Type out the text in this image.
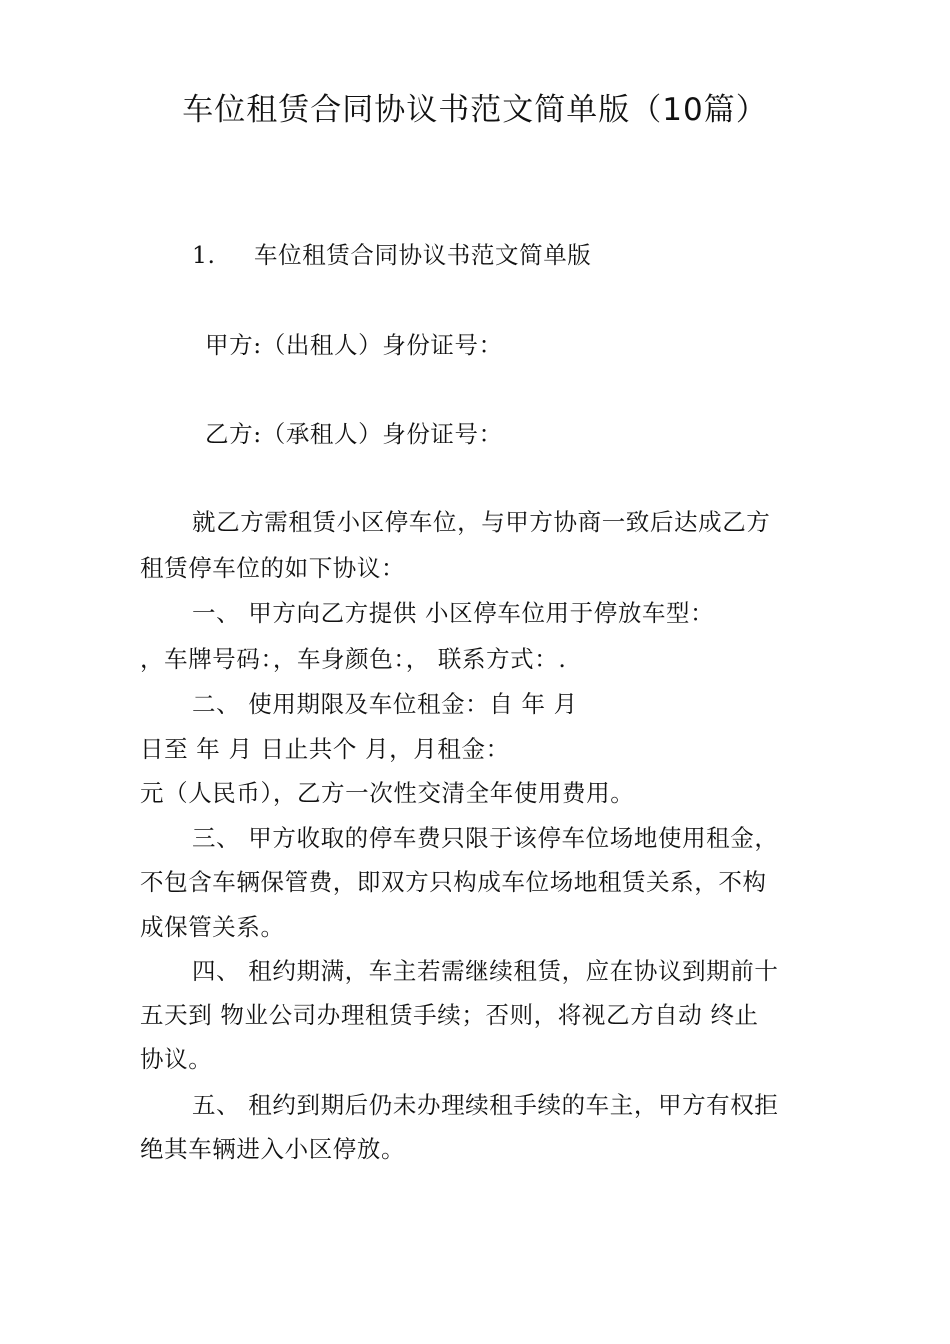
车位租赁合同协议书范文简单版（10篇）
1. 车位租赁合同协议书范文简单版
甲方:（出租人）身份证号：
乙方:（承租人）身份证号：
就乙方需租赁小区停车位，与甲方协商一致后达成乙方
租赁停车位的如下协议：
一、 甲方向乙方提供 小区停车位用于停放车型：
，车牌号码：，车身颜色：， 联系方式：.
二、 使用期限及车位租金：自 年 月
日至 年 月 日止共个 月，月租金：
元（人民币），乙方一次性交清全年使用费用。
三、 甲方收取的停车费只限于该停车位场地使用租金，
不包含车辆保管费，即双方只构成车位场地租赁关系，不构
成保管关系。
四、 租约期满，车主若需继续租赁，应在协议到期前十
五天到 物业公司办理租赁手续；否则，将视乙方自动 终止
协议。
五、 租约到期后仍未办理续租手续的车主，甲方有权拒
绝其车辆进入小区停放。
